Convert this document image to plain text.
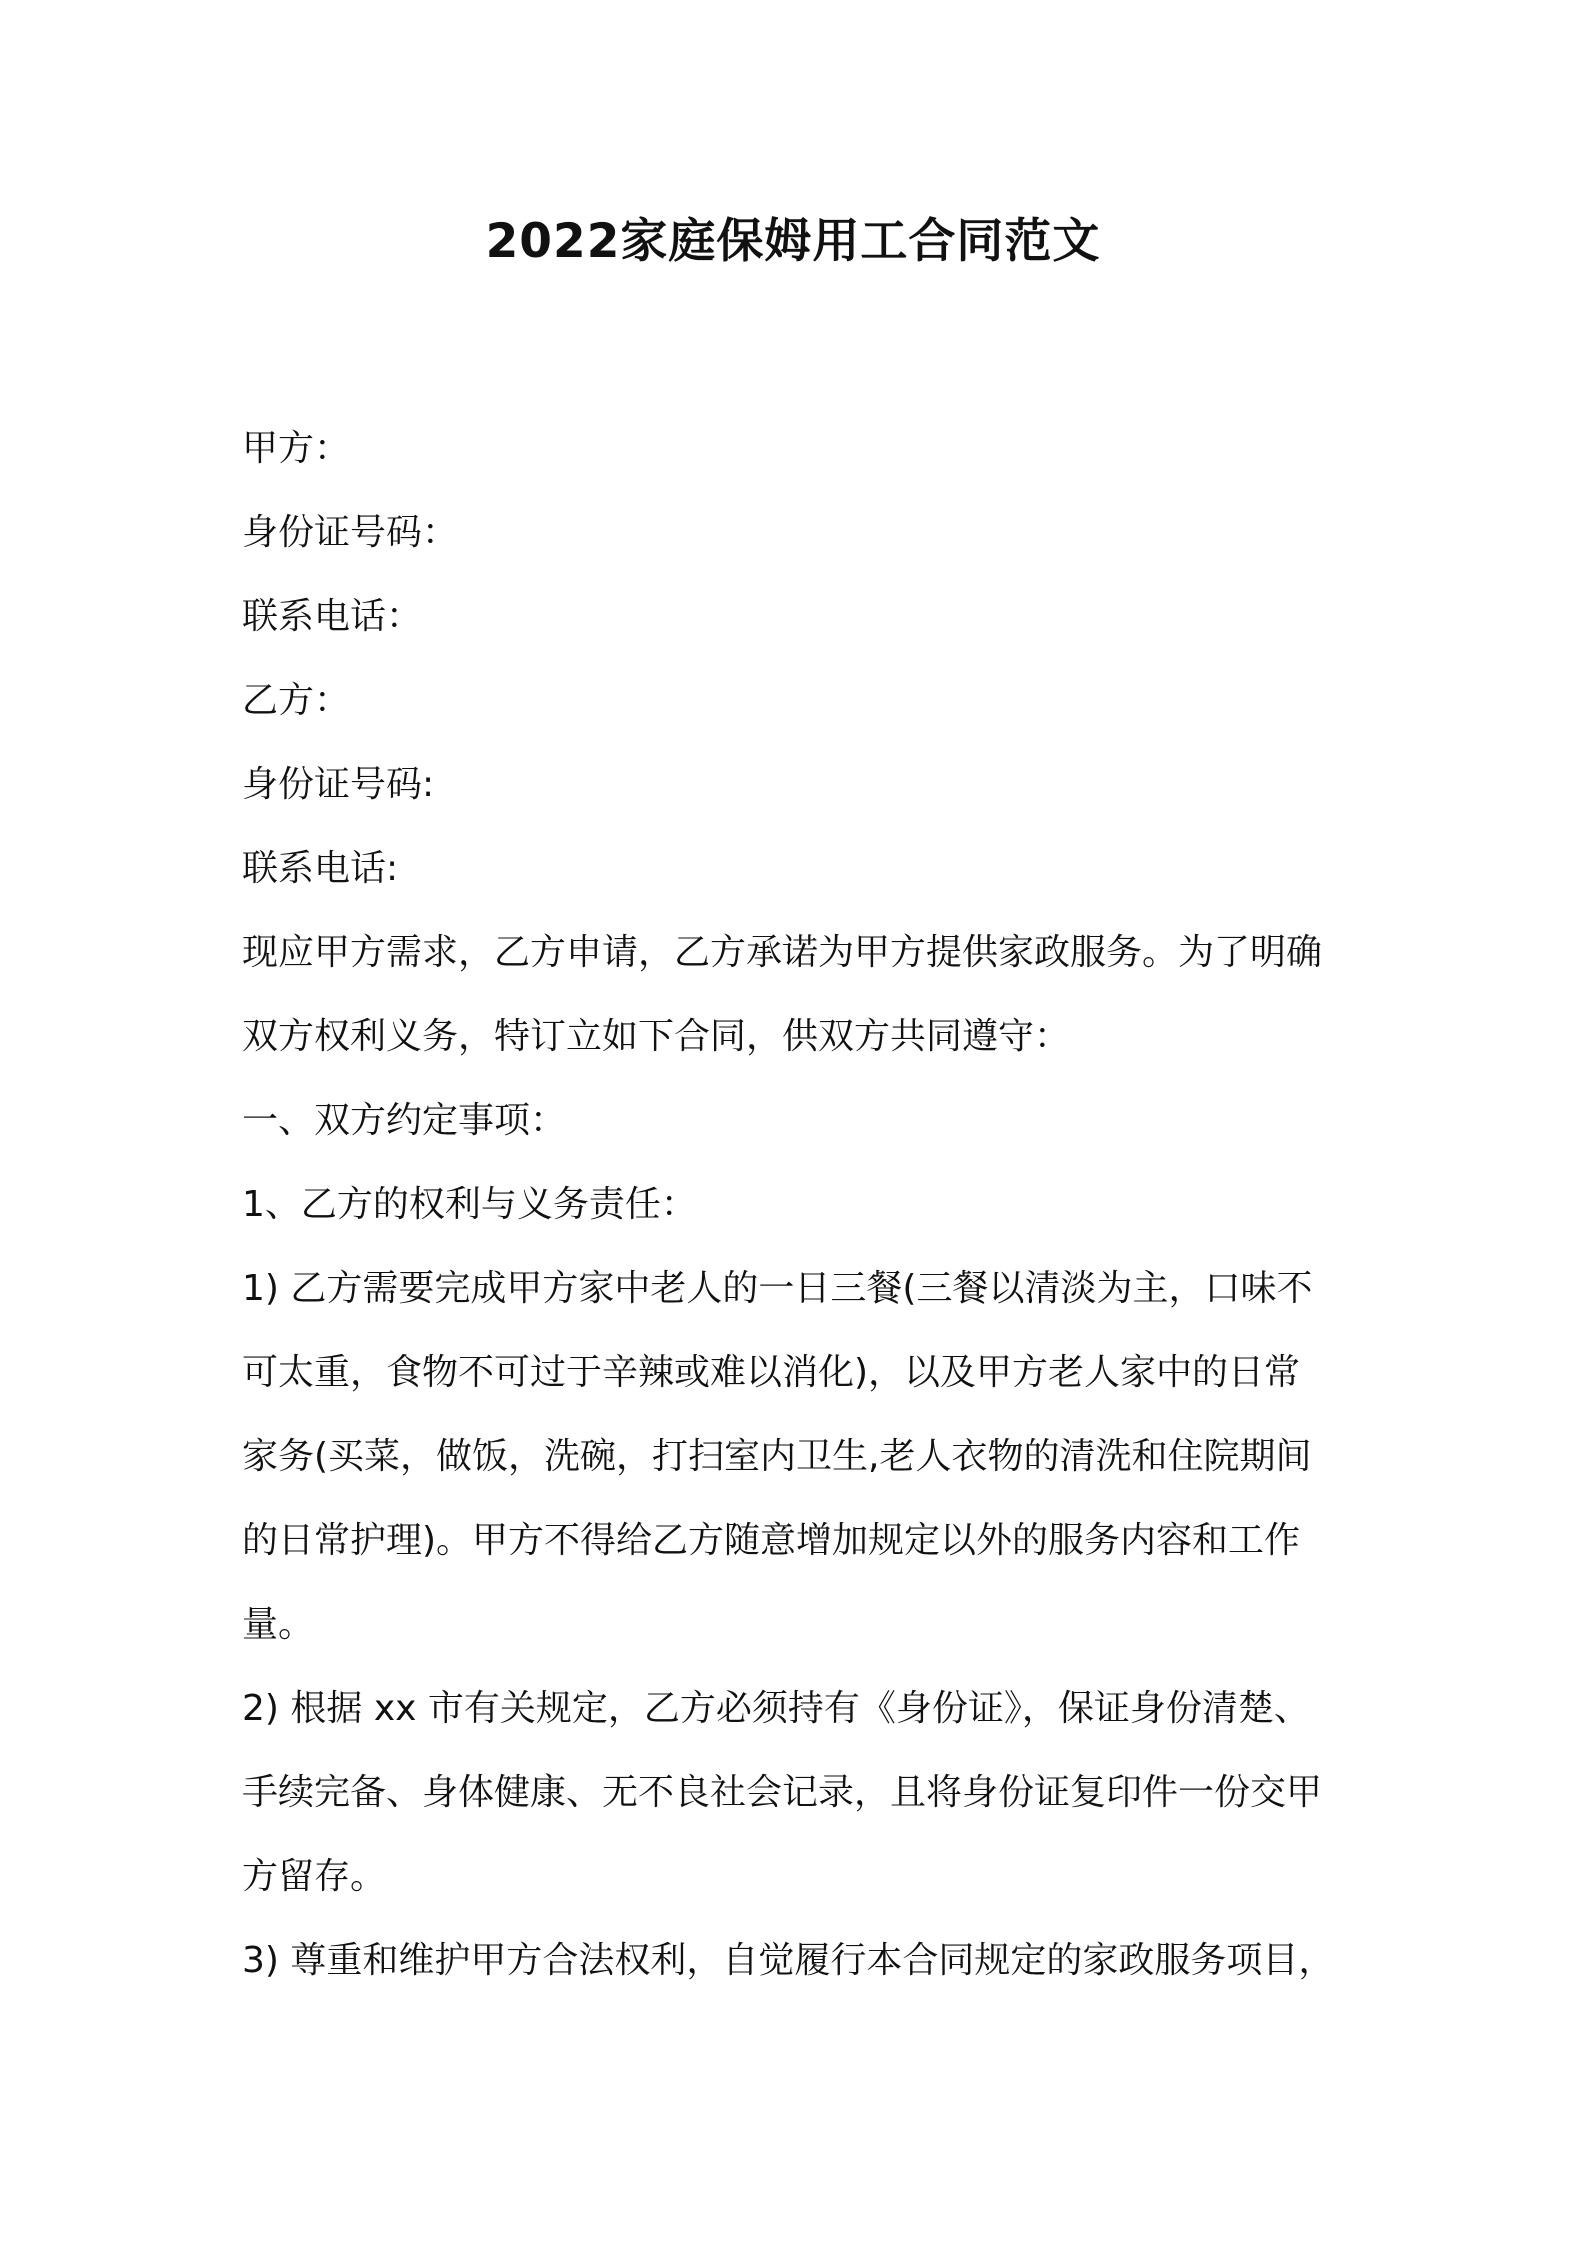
2022家庭保姆用工合同范文
甲方：
身份证号码：
联系电话：
乙方：
身份证号码:
联系电话:
现应甲方需求，乙方申请，乙方承诺为甲方提供家政服务。为了明确
双方权利义务，特订立如下合同，供双方共同遵守：
一、双方约定事项：
1、乙方的权利与义务责任：
1) 乙方需要完成甲方家中老人的一日三餐(三餐以清淡为主，口味不
可太重，食物不可过于辛辣或难以消化)，以及甲方老人家中的日常
家务(买菜，做饭，洗碗，打扫室内卫生,老人衣物的清洗和住院期间
的日常护理)。甲方不得给乙方随意增加规定以外的服务内容和工作
量。
2) 根据 xx 市有关规定，乙方必须持有《身份证》，保证身份清楚、
手续完备、身体健康、无不良社会记录，且将身份证复印件一份交甲
方留存。
3) 尊重和维护甲方合法权利，自觉履行本合同规定的家政服务项目，
